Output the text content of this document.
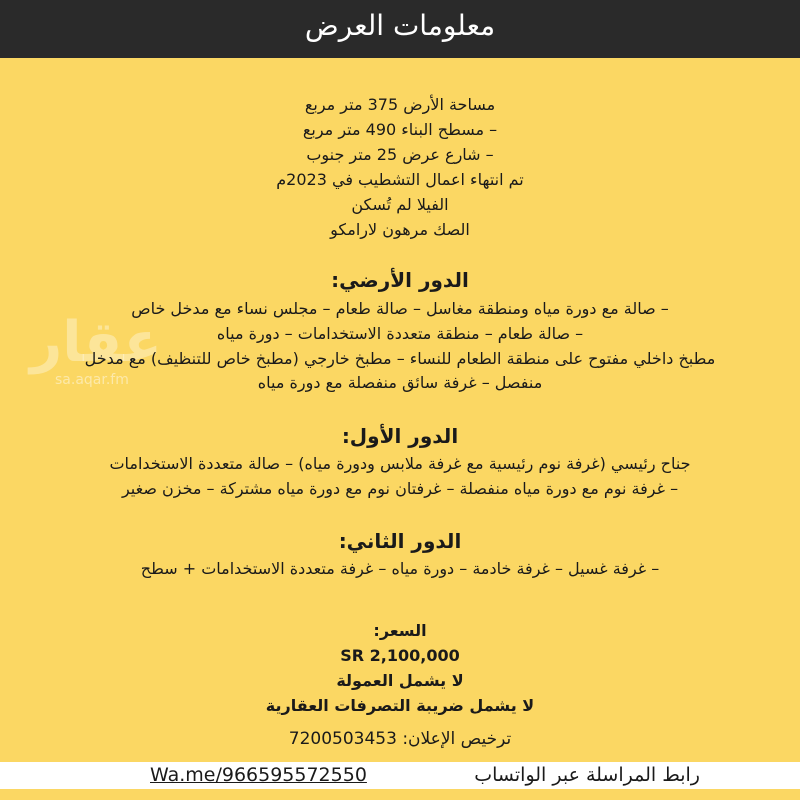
معلومات العرض
عقار
sa.aqar.fm
مساحة الأرض 375 متر مربع
– مسطح البناء 490 متر مربع
– شارع عرض 25 متر جنوب
تم انتهاء اعمال التشطيب في 2023م
الفيلا لم تُسكن
الصك مرهون لارامكو
الدور الأرضي:
– صالة مع دورة مياه ومنطقة مغاسل – صالة طعام – مجلس نساء مع مدخل خاص
– صالة طعام – منطقة متعددة الاستخدامات – دورة مياه
مطبخ داخلي مفتوح على منطقة الطعام للنساء – مطبخ خارجي (مطبخ خاص للتنظيف) مع مدخل
منفصل – غرفة سائق منفصلة مع دورة مياه
الدور الأول:
جناح رئيسي (غرفة نوم رئيسية مع غرفة ملابس ودورة مياه) – صالة متعددة الاستخدامات
– غرفة نوم مع دورة مياه منفصلة – غرفتان نوم مع دورة مياه مشتركة – مخزن صغير
الدور الثاني:
– غرفة غسيل – غرفة خادمة – دورة مياه – غرفة متعددة الاستخدامات + سطح
السعر:
SR 2,100,000
لا يشمل العمولة
لا يشمل ضريبة التصرفات العقارية
ترخيص الإعلان: 7200503453
Wa.me/966595572550	رابط المراسلة عبر الواتساب
